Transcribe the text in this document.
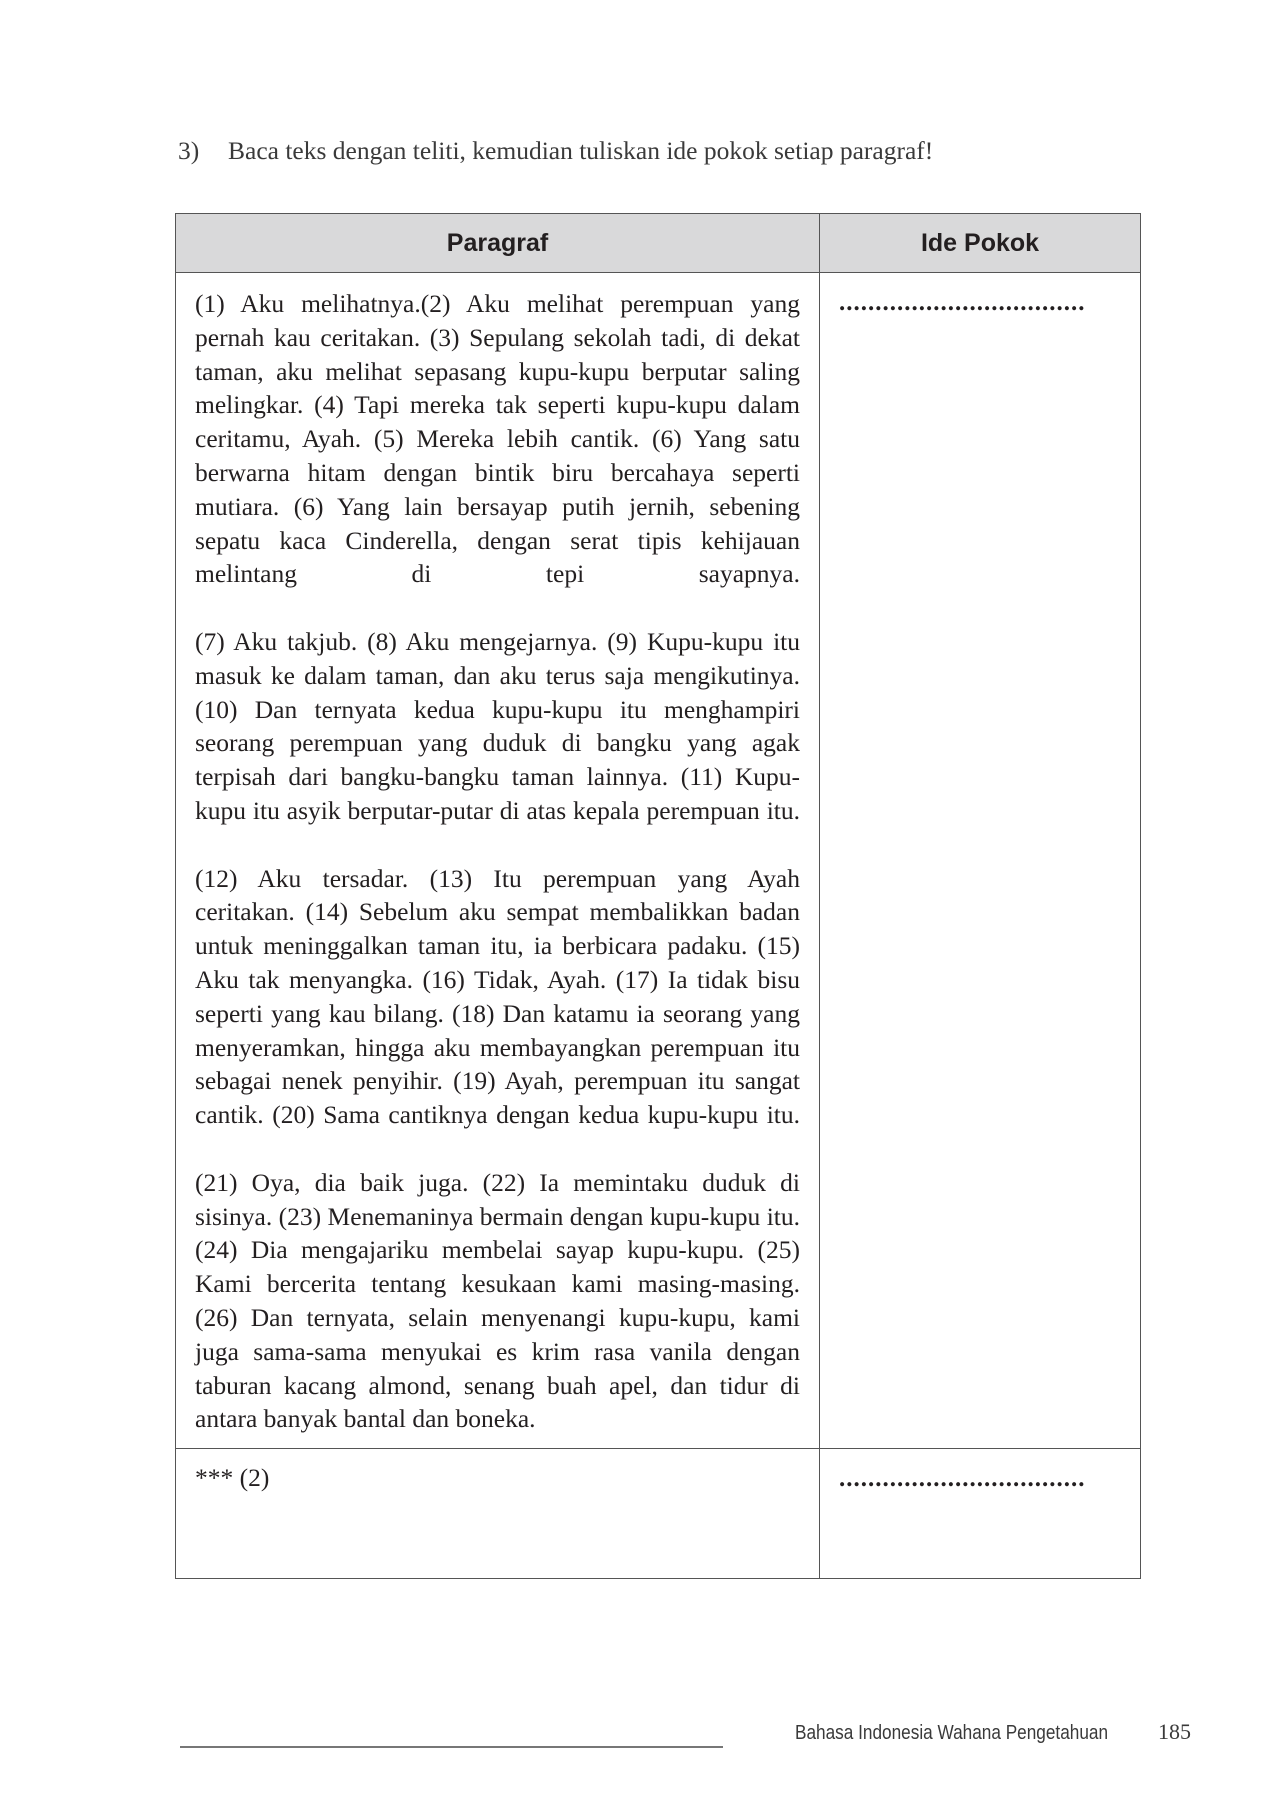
3)	Baca teks dengan teliti, kemudian tuliskan ide pokok setiap paragraf!
Paragraf	Ide Pokok

(1) Aku melihatnya.(2) Aku melihat perempuan yang pernah kau ceritakan. (3) Sepulang sekolah tadi, di dekat taman, aku melihat sepasang kupu-kupu berputar saling melingkar. (4) Tapi mereka tak seperti kupu-kupu dalam ceritamu, Ayah. (5) Mereka lebih cantik. (6) Yang satu berwarna hitam dengan bintik biru bercahaya seperti mutiara. (6) Yang lain bersayap putih jernih, sebening sepatu kaca Cinderella, dengan serat tipis kehijauan melintang di tepi sayapnya.

(7) Aku takjub. (8) Aku mengejarnya. (9) Kupu-kupu itu masuk ke dalam taman, dan aku terus saja mengikutinya. (10) Dan ternyata kedua kupu-kupu itu menghampiri seorang perempuan yang duduk di bangku yang agak terpisah dari bangku-bangku taman lainnya. (11) Kupu-kupu itu asyik berputar-putar di atas kepala perempuan itu.

(12) Aku tersadar. (13) Itu perempuan yang Ayah ceritakan. (14) Sebelum aku sempat membalikkan badan untuk meninggalkan taman itu, ia berbicara padaku. (15) Aku tak menyangka. (16) Tidak, Ayah. (17) Ia tidak bisu seperti yang kau bilang. (18) Dan katamu ia seorang yang menyeramkan, hingga aku membayangkan perempuan itu sebagai nenek penyihir. (19) Ayah, perempuan itu sangat cantik. (20) Sama cantiknya dengan kedua kupu-kupu itu.

(21) Oya, dia baik juga. (22) Ia memintaku duduk di sisinya. (23) Menemaninya bermain dengan kupu-kupu itu. (24) Dia mengajariku membelai sayap kupu-kupu. (25) Kami bercerita tentang kesukaan kami masing-masing. (26) Dan ternyata, selain menyenangi kupu-kupu, kami juga sama-sama menyukai es krim rasa vanila dengan taburan kacang almond, senang buah apel, dan tidur di antara banyak bantal dan boneka.	..................................
*** (2)	..................................
Bahasa Indonesia Wahana Pengetahuan 185
